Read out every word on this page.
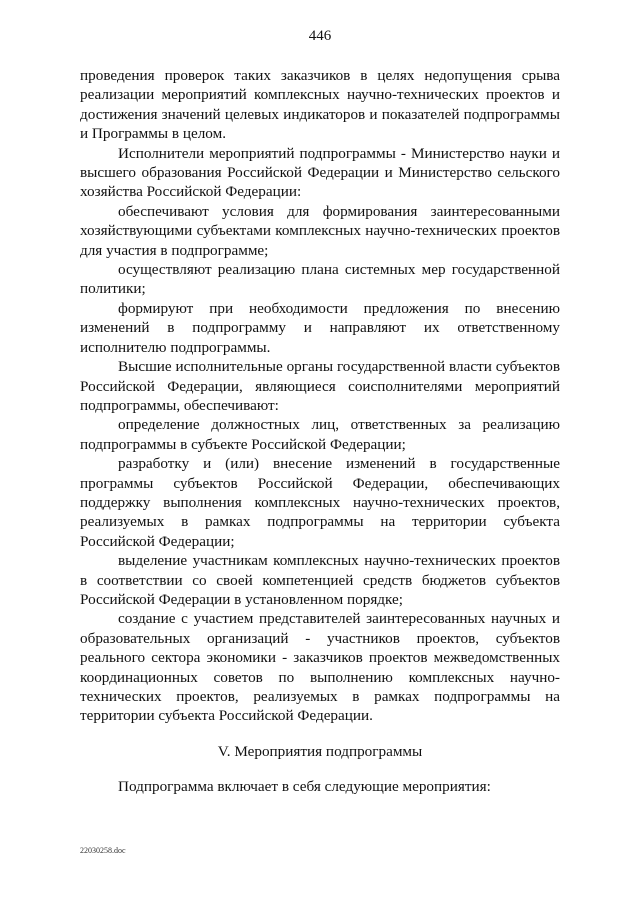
446

проведения проверок таких заказчиков в целях недопущения срыва реализации мероприятий комплексных научно-технических проектов и достижения значений целевых индикаторов и показателей подпрограммы и Программы в целом.

Исполнители мероприятий подпрограммы - Министерство науки и высшего образования Российской Федерации и Министерство сельского хозяйства Российской Федерации:

обеспечивают условия для формирования заинтересованными хозяйствующими субъектами комплексных научно-технических проектов для участия в подпрограмме;

осуществляют реализацию плана системных мер государственной политики;

формируют при необходимости предложения по внесению изменений в подпрограмму и направляют их ответственному исполнителю подпрограммы.

Высшие исполнительные органы государственной власти субъектов Российской Федерации, являющиеся соисполнителями мероприятий подпрограммы, обеспечивают:

определение должностных лиц, ответственных за реализацию подпрограммы в субъекте Российской Федерации;

разработку и (или) внесение изменений в государственные программы субъектов Российской Федерации, обеспечивающих поддержку выполнения комплексных научно-технических проектов, реализуемых в рамках подпрограммы на территории субъекта Российской Федерации;

выделение участникам комплексных научно-технических проектов в соответствии со своей компетенцией средств бюджетов субъектов Российской Федерации в установленном порядке;

создание с участием представителей заинтересованных научных и образовательных организаций - участников проектов, субъектов реального сектора экономики - заказчиков проектов межведомственных координационных советов по выполнению комплексных научно-технических проектов, реализуемых в рамках подпрограммы на территории субъекта Российской Федерации.

V. Мероприятия подпрограммы

Подпрограмма включает в себя следующие мероприятия:

22030258.doc
